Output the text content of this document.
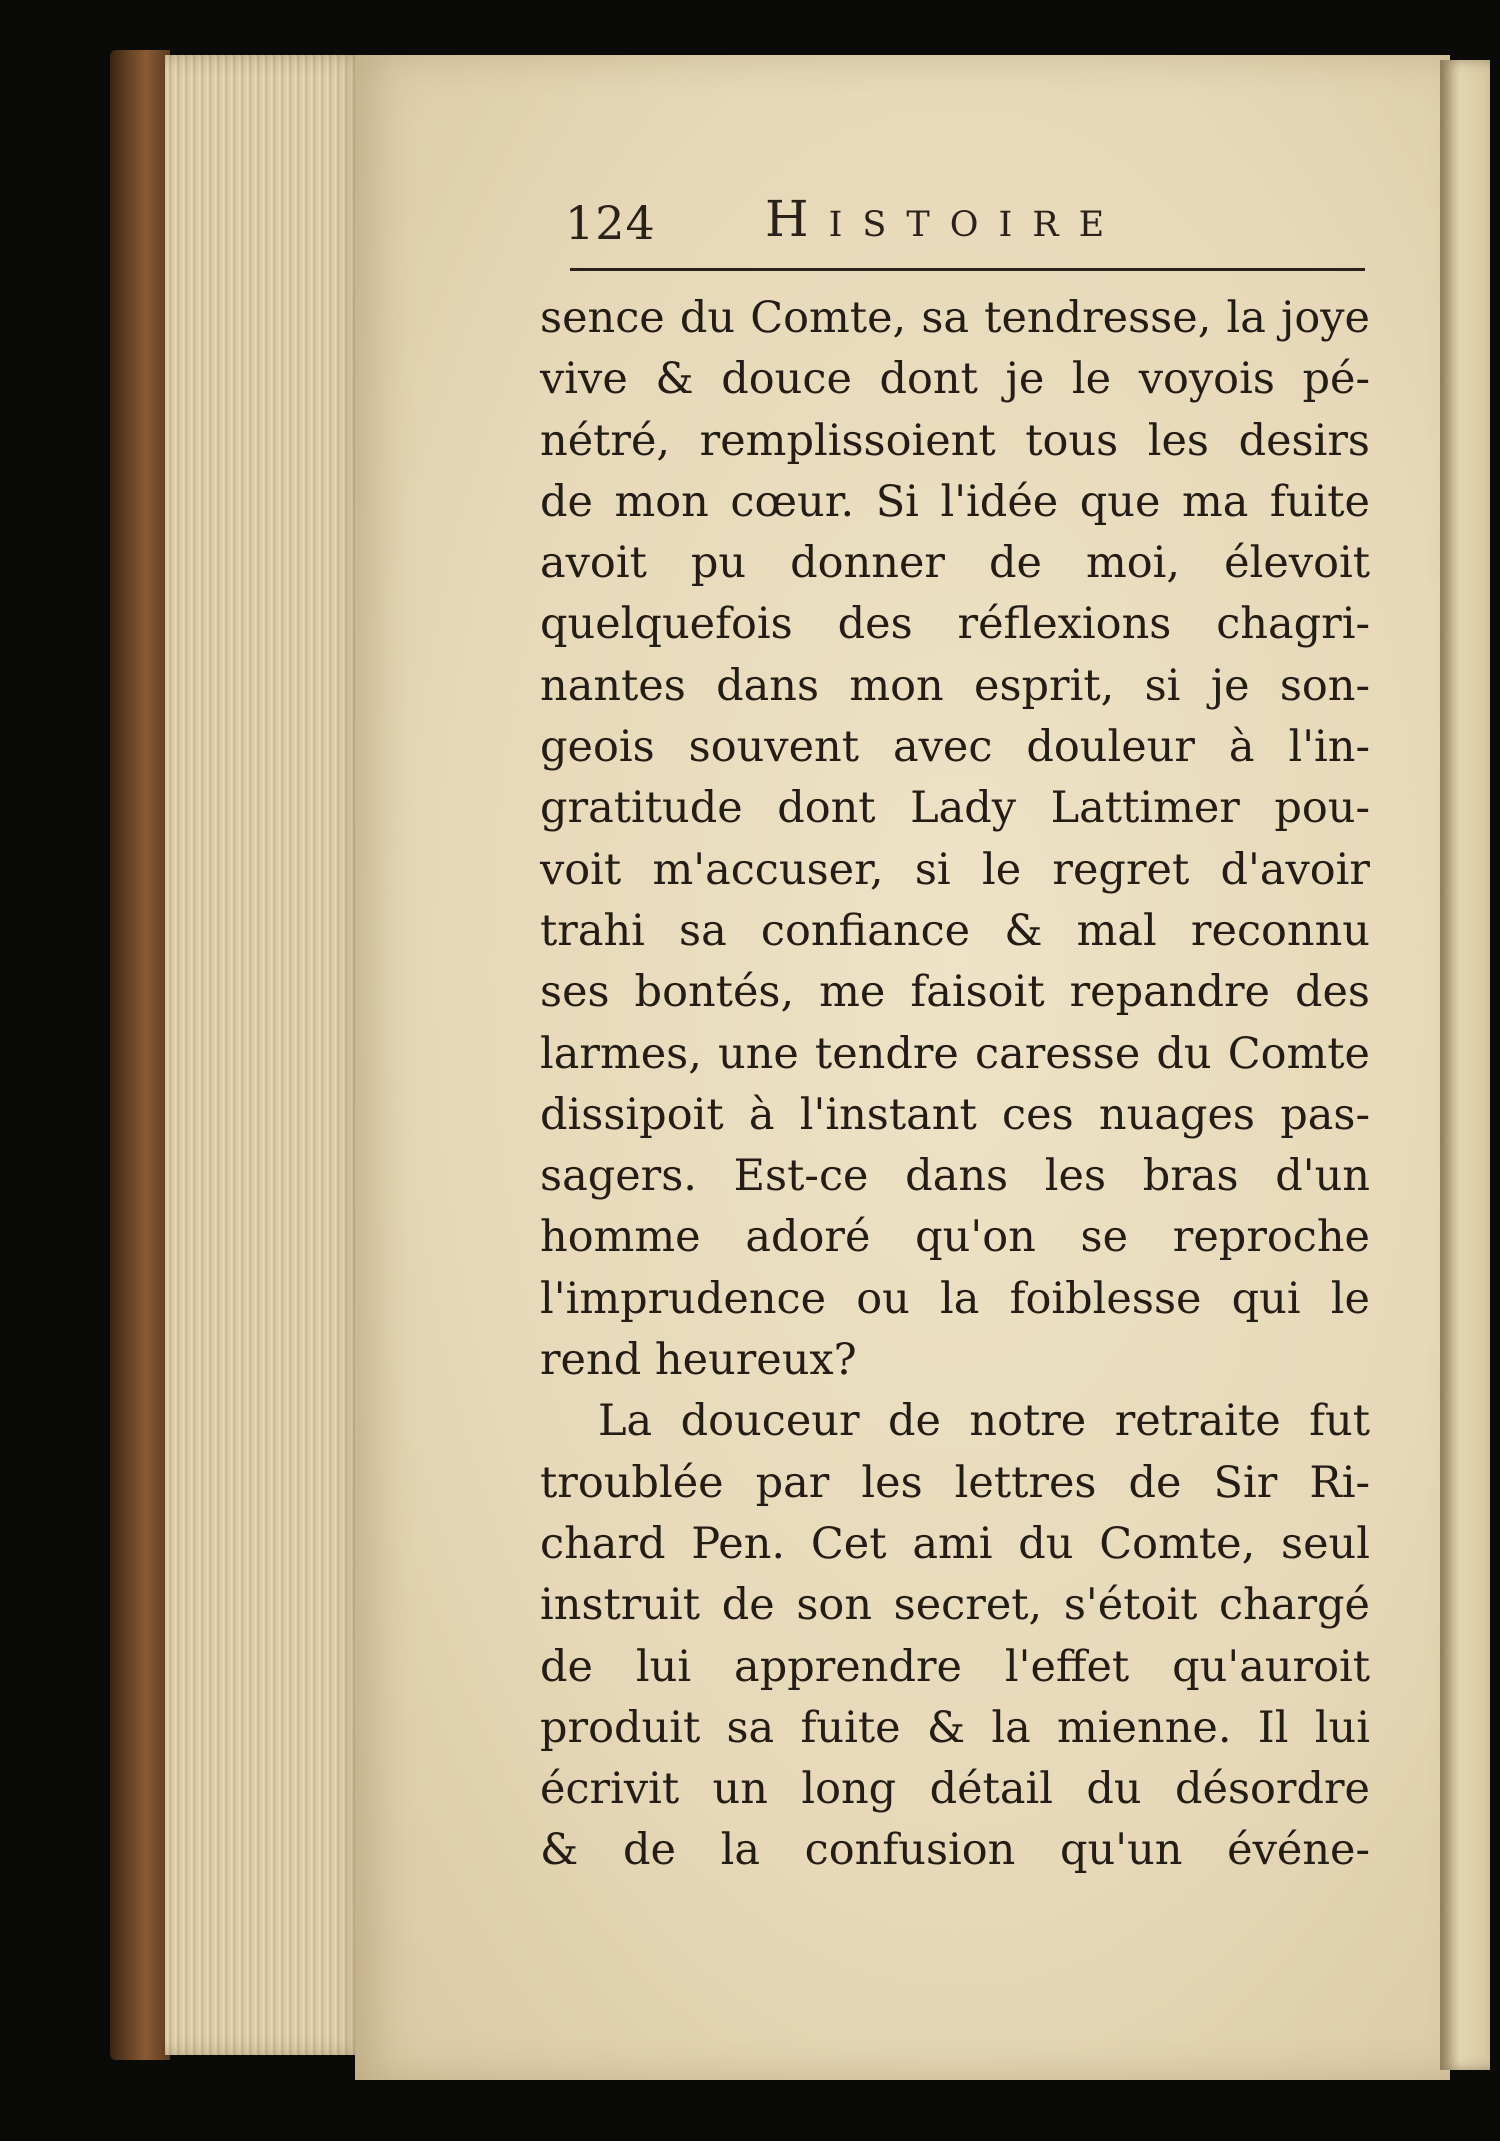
124 Histoire
sence du Comte, sa tendresse, la joye
vive & douce dont je le voyois pé-
nétré, remplissoient tous les desirs
de mon cœur. Si l'idée que ma fuite
avoit pu donner de moi, élevoit
quelquefois des réflexions chagri-
nantes dans mon esprit, si je son-
geois souvent avec douleur à l'in-
gratitude dont Lady Lattimer pou-
voit m'accuser, si le regret d'avoir
trahi sa confiance & mal reconnu
ses bontés, me faisoit repandre des
larmes, une tendre caresse du Comte
dissipoit à l'instant ces nuages pas-
sagers. Est-ce dans les bras d'un
homme adoré qu'on se reproche
l'imprudence ou la foiblesse qui le
rend heureux?
La douceur de notre retraite fut
troublée par les lettres de Sir Ri-
chard Pen. Cet ami du Comte, seul
instruit de son secret, s'étoit chargé
de lui apprendre l'effet qu'auroit
produit sa fuite & la mienne. Il lui
écrivit un long détail du désordre
& de la confusion qu'un événe-
